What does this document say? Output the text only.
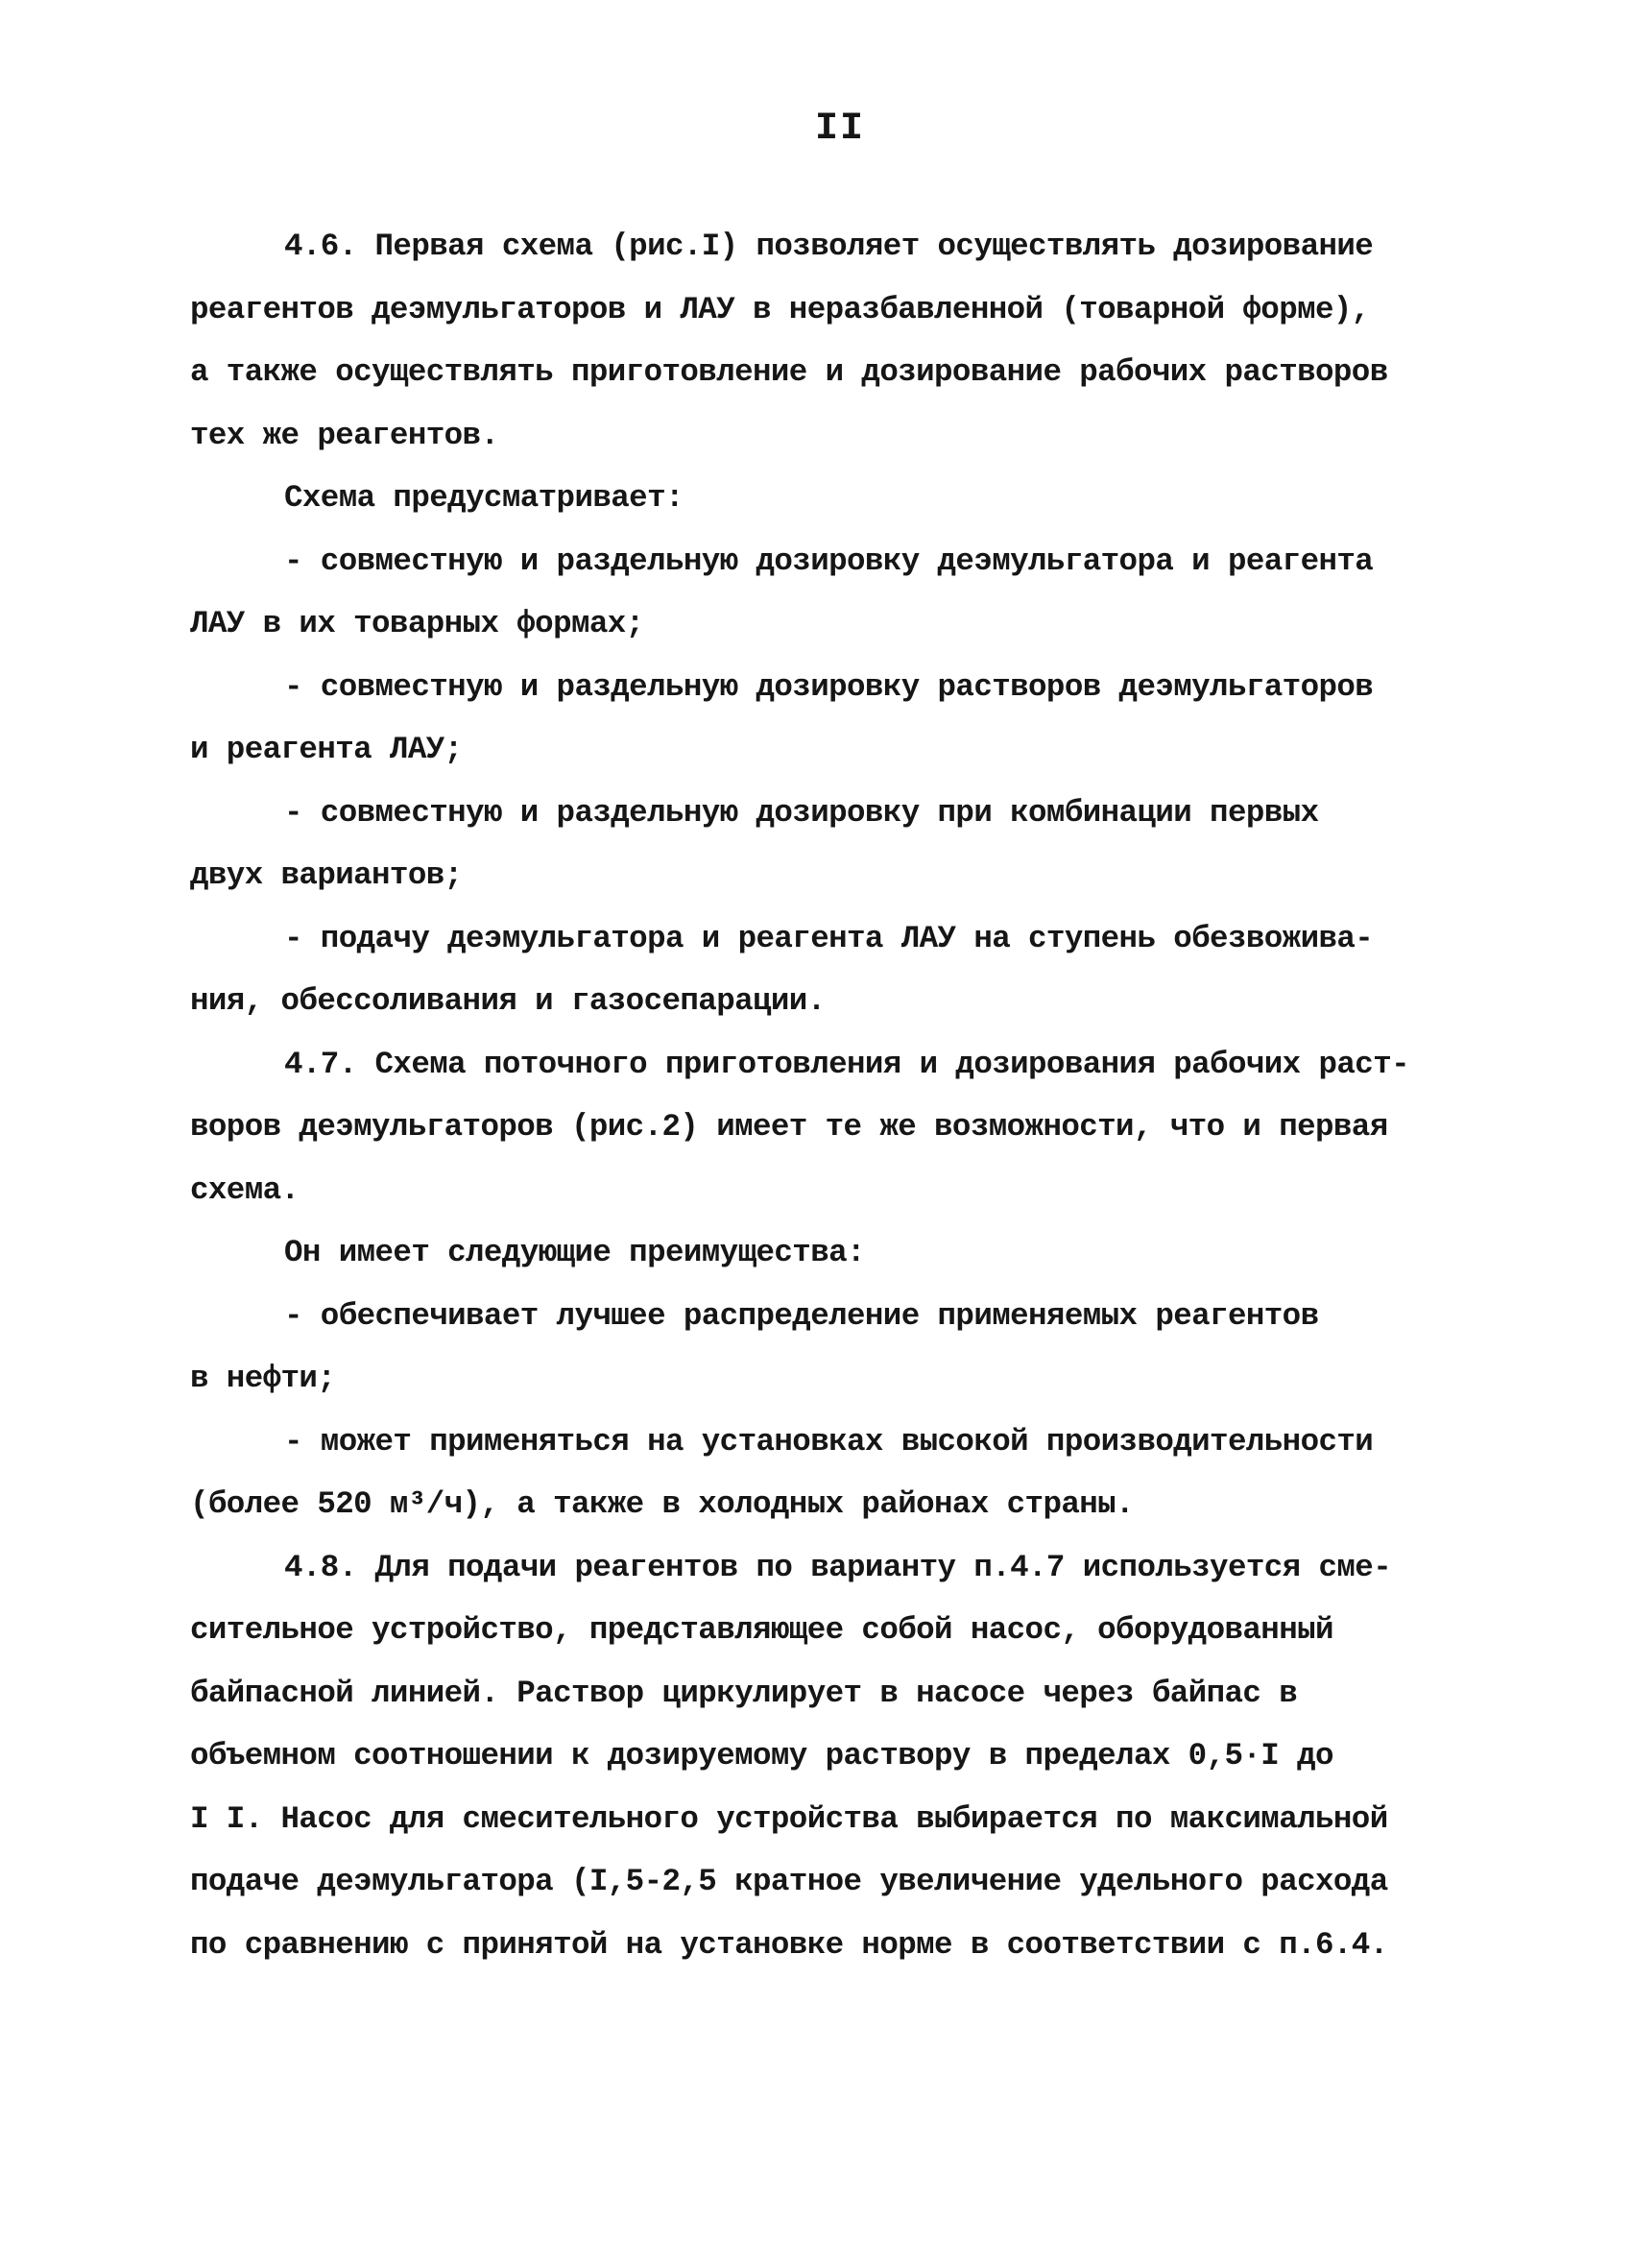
II
4.6. Первая схема (рис.I) позволяет осуществлять дозирование
реагентов деэмульгаторов и ЛАУ в неразбавленной (товарной форме),
а также осуществлять приготовление и дозирование рабочих растворов
тех же реагентов.
Схема предусматривает:
- совместную и раздельную дозировку деэмульгатора и реагента
ЛАУ в их товарных формах;
- совместную и раздельную дозировку растворов деэмульгаторов
и реагента ЛАУ;
- совместную и раздельную дозировку при комбинации первых
двух вариантов;
- подачу деэмульгатора и реагента ЛАУ на ступень обезвожива-
ния, обессоливания и газосепарации.
4.7. Схема поточного приготовления и дозирования рабочих раст-
воров деэмульгаторов (рис.2) имеет те же возможности, что и первая
схема.
Он имеет следующие преимущества:
- обеспечивает лучшее распределение применяемых реагентов
в нефти;
- может применяться на установках высокой производительности
(более 520 м³/ч), а также в холодных районах страны.
4.8. Для подачи реагентов по варианту п.4.7 используется сме-
сительное устройство, представляющее собой насос, оборудованный
байпасной линией. Раствор циркулирует в насосе через байпас в
объемном соотношении к дозируемому раствору в пределах 0,5·I до
I I. Насос для смесительного устройства выбирается по максимальной
подаче деэмульгатора (I,5-2,5 кратное увеличение удельного расхода
по сравнению с принятой на установке норме в соответствии с п.6.4.
